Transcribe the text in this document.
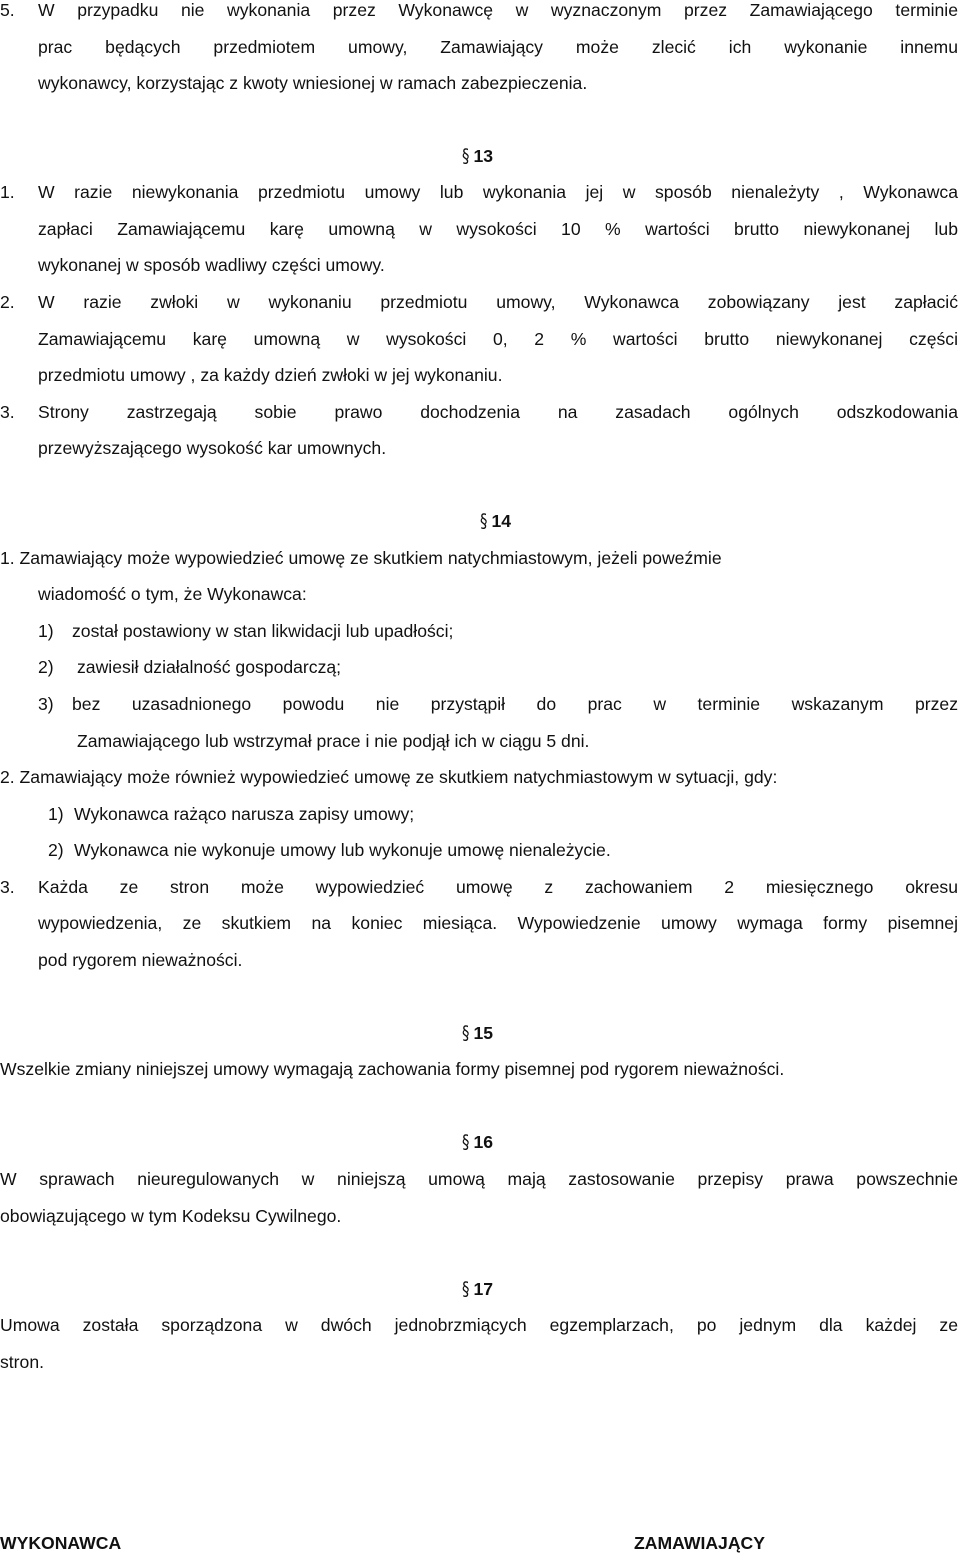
5. W przypadku nie wykonania przez Wykonawcę w wyznaczonym przez Zamawiającego terminie

prac będących przedmiotem umowy, Zamawiający może zlecić ich wykonanie innemu

wykonawcy, korzystając z kwoty wniesionej w ramach zabezpieczenia.

§13
1. W razie niewykonania przedmiotu umowy lub wykonania jej w sposób nienależyty , Wykonawca

zapłaci Zamawiającemu karę umowną w wysokości 10 % wartości brutto niewykonanej lub

wykonanej w sposób wadliwy części umowy.

2. W razie zwłoki w wykonaniu przedmiotu umowy, Wykonawca zobowiązany jest zapłacić

Zamawiającemu karę umowną w wysokości 0, 2 % wartości brutto niewykonanej części

przedmiotu umowy , za każdy dzień zwłoki w jej wykonaniu.

3. Strony zastrzegają sobie prawo dochodzenia na zasadach ogólnych odszkodowania

przewyższającego wysokość kar umownych.

§14

1. Zamawiający może wypowiedzieć umowę ze skutkiem natychmiastowym, jeżeli poweźmie

wiadomość o tym, że Wykonawca:

1) został postawiony w stan likwidacji lub upadłości;

2) zawiesił działalność gospodarczą;

3) bez uzasadnionego powodu nie przystąpił do prac w terminie wskazanym przez

Zamawiającego lub wstrzymał prace i nie podjął ich w ciągu 5 dni.

2. Zamawiający może również wypowiedzieć umowę ze skutkiem natychmiastowym w sytuacji, gdy:

1) Wykonawca rażąco narusza zapisy umowy;

2) Wykonawca nie wykonuje umowy lub wykonuje umowę nienależycie.

3. Każda ze stron może wypowiedzieć umowę z zachowaniem 2 miesięcznego okresu

wypowiedzenia, ze skutkiem na koniec miesiąca. Wypowiedzenie umowy wymaga formy pisemnej

pod rygorem nieważności.

§15

Wszelkie zmiany niniejszej umowy wymagają zachowania formy pisemnej pod rygorem nieważności.

§16

W sprawach nieuregulowanych w niniejszą umową mają zastosowanie przepisy prawa powszechnie

obowiązującego w tym Kodeksu Cywilnego.

§17

Umowa została sporządzona w dwóch jednobrzmiących egzemplarzach, po jednym dla każdej ze

stron.

WYKONAWCA	ZAMAWIAJĄCY
